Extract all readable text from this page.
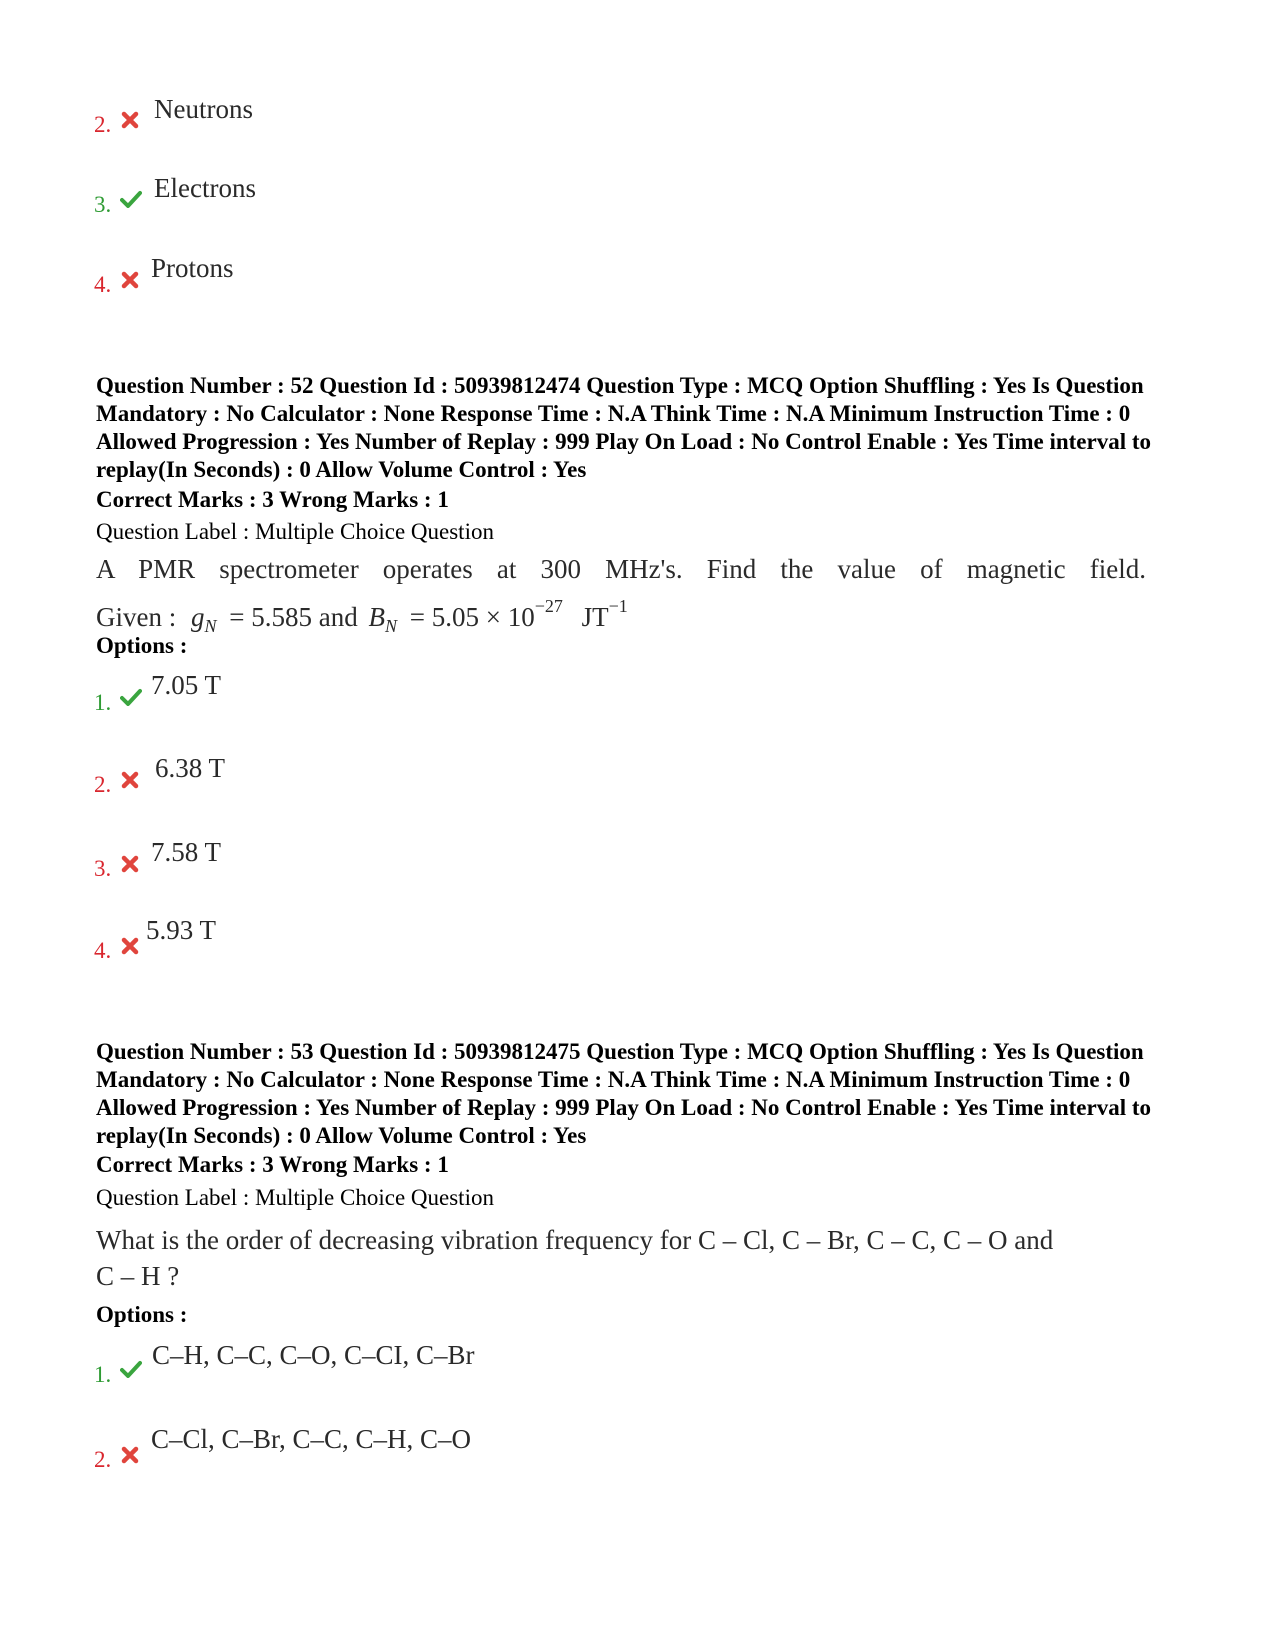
2.
Neutrons
3.
Electrons
4.
Protons
Question Number : 52 Question Id : 50939812474 Question Type : MCQ Option Shuffling : Yes Is Question Mandatory : No Calculator : None Response Time : N.A Think Time : N.A Minimum Instruction Time : 0 Allowed Progression : Yes Number of Replay : 999 Play On Load : No Control Enable : Yes Time interval to replay(In Seconds) : 0 Allow Volume Control : Yes
Correct Marks : 3 Wrong Marks : 1
Question Label : Multiple Choice Question
A PMR spectrometer operates at 300 MHz's. Find the value of magnetic field.
Given : $g_N = 5.585$ and $B_N = 5.05 \times 10^{-27}$ $JT^{-1}$
Options :
1.
7.05 T
2.
6.38 T
3.
7.58 T
4.
5.93 T
Question Number : 53 Question Id : 50939812475 Question Type : MCQ Option Shuffling : Yes Is Question Mandatory : No Calculator : None Response Time : N.A Think Time : N.A Minimum Instruction Time : 0 Allowed Progression : Yes Number of Replay : 999 Play On Load : No Control Enable : Yes Time interval to replay(In Seconds) : 0 Allow Volume Control : Yes
Correct Marks : 3 Wrong Marks : 1
Question Label : Multiple Choice Question
What is the order of decreasing vibration frequency for C – Cl, C – Br, C – C, C – O and
C – H ?
Options :
1.
C–H, C–C, C–O, C–CI, C–Br
2.
C–Cl, C–Br, C–C, C–H, C–O
